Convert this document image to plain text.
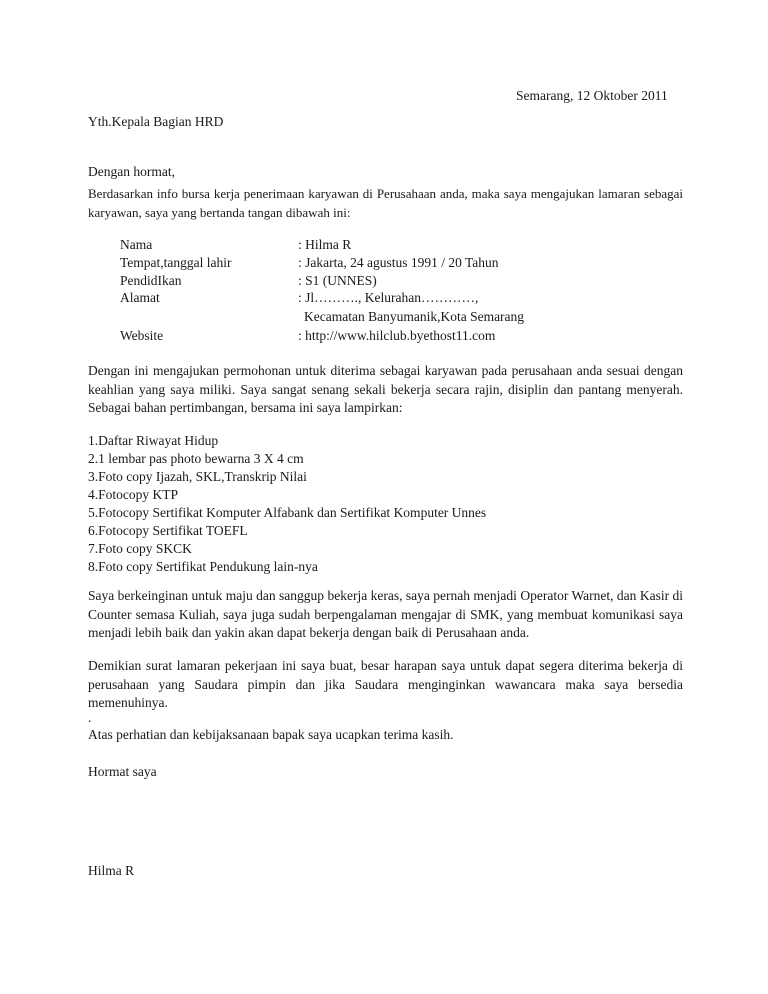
Semarang, 12 Oktober 2011
Yth.Kepala Bagian HRD
Dengan hormat,
Berdasarkan info bursa kerja penerimaan karyawan di Perusahaan anda, maka saya mengajukan lamaran sebagai karyawan, saya yang bertanda tangan dibawah ini:
Nama	: Hilma R
Tempat,tanggal lahir	: Jakarta, 24 agustus 1991 / 20 Tahun
PendidIkan	: S1 (UNNES)
Alamat	: Jl………., Kelurahan…………,
Kecamatan Banyumanik,Kota Semarang
Website	: http://www.hilclub.byethost11.com
Dengan ini mengajukan permohonan untuk diterima sebagai karyawan pada perusahaan anda sesuai dengan keahlian yang saya miliki. Saya sangat senang sekali bekerja secara rajin, disiplin dan pantang menyerah. Sebagai bahan pertimbangan, bersama ini saya lampirkan:
1.Daftar Riwayat Hidup
2.1 lembar pas photo bewarna 3 X 4 cm
3.Foto copy Ijazah, SKL,Transkrip Nilai
4.Fotocopy KTP
5.Fotocopy Sertifikat Komputer Alfabank dan Sertifikat Komputer Unnes
6.Fotocopy Sertifikat TOEFL
7.Foto copy SKCK
8.Foto copy Sertifikat Pendukung lain-nya
Saya berkeinginan untuk maju dan sanggup bekerja keras, saya pernah menjadi Operator Warnet, dan Kasir di Counter semasa Kuliah, saya juga sudah berpengalaman mengajar di SMK, yang membuat komunikasi saya menjadi lebih baik dan yakin akan dapat bekerja dengan baik di Perusahaan anda.
Demikian surat lamaran pekerjaan ini saya buat, besar harapan saya untuk dapat segera diterima bekerja di perusahaan yang Saudara pimpin dan jika Saudara menginginkan wawancara maka saya bersedia memenuhinya.
.
Atas perhatian dan kebijaksanaan bapak saya ucapkan terima kasih.
Hormat saya
Hilma R
